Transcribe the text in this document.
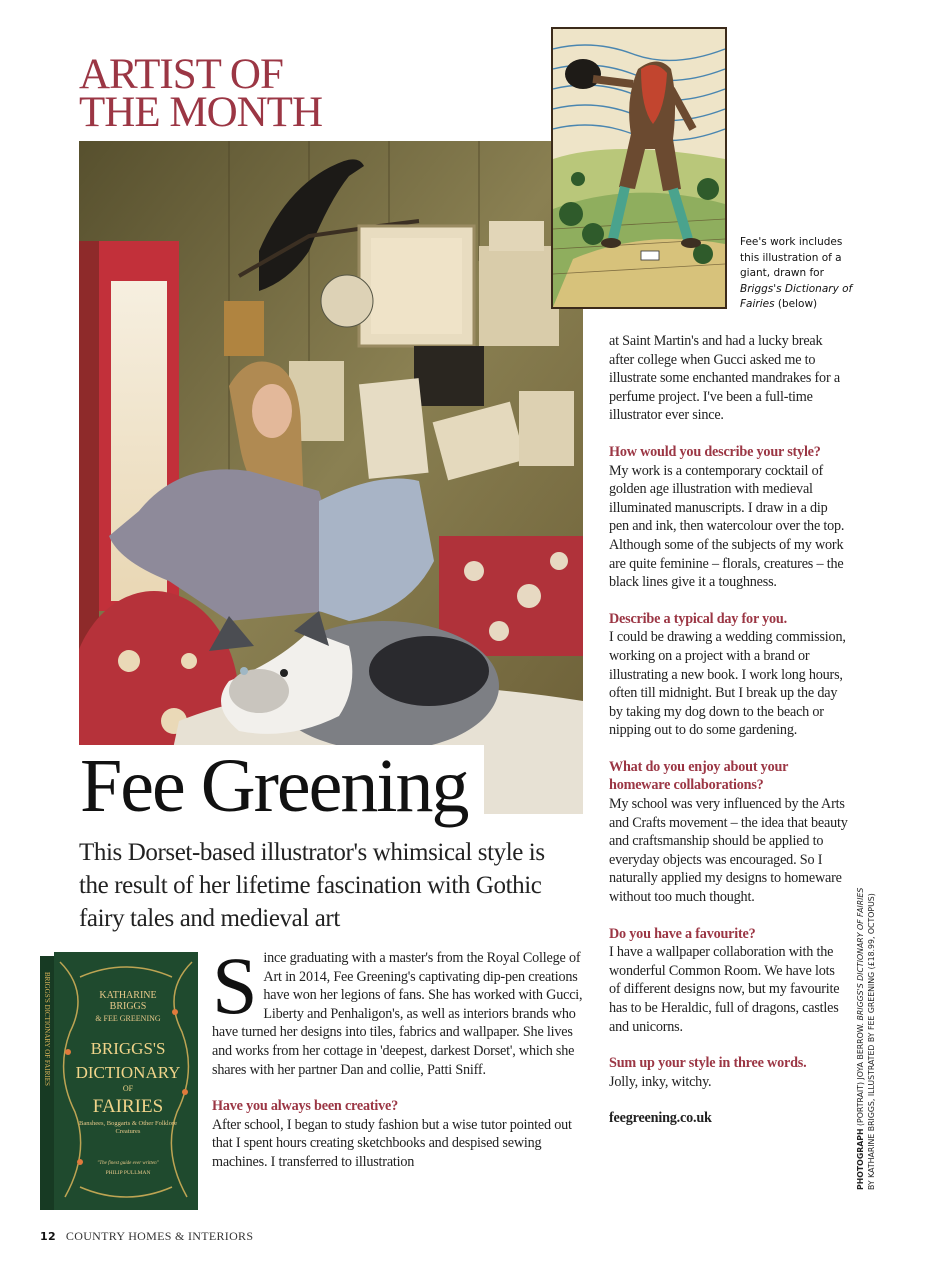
ARTIST OF
THE MONTH
Fee Greening

This Dorset-based illustrator's whimsical style is the result of her lifetime fascination with Gothic fairy tales and medieval art

Fee's work includes this illustration of a giant, drawn for Briggs's Dictionary of Fairies (below)

KATHARINE
BRIGGS
& FEE GREENING
BRIGGS'S
DICTIONARY
OF
FAIRIES
Banshees, Boggarts & Other Folklore Creatures
"The finest guide ever written"
PHILIP PULLMAN
BRIGGS'S DICTIONARY OF FAIRIES S ince graduating with a master's from the Royal College of Art in 2014, Fee Greening's captivating dip-pen creations have won her legions of fans. She has worked with Gucci, Liberty and Penhaligon's, as well as interiors brands who have turned her designs into tiles, fabrics and wallpaper. She lives and works from her cottage in 'deepest, darkest Dorset', which she shares with her partner Dan and collie, Patti Sniff.

Have you always been creative?

After school, I began to study fashion but a wise tutor pointed out that I spent hours creating sketchbooks and despised sewing machines. I transferred to illustration

at Saint Martin's and had a lucky break after college when Gucci asked me to illustrate some enchanted mandrakes for a perfume project. I've been a full-time illustrator ever since.

How would you describe your style?
My work is a contemporary cocktail of golden age illustration with medieval illuminated manuscripts. I draw in a dip pen and ink, then watercolour over the top. Although some of the subjects of my work are quite feminine – florals, creatures – the black lines give it a toughness.

Describe a typical day for you.
I could be drawing a wedding commission, working on a project with a brand or illustrating a new book. I work long hours, often till midnight. But I break up the day by taking my dog down to the beach or nipping out to do some gardening.

What do you enjoy about your homeware collaborations?
My school was very influenced by the Arts and Crafts movement – the idea that beauty and craftsmanship should be applied to everyday objects was encouraged. So I naturally applied my designs to homeware without too much thought.

Do you have a favourite?
I have a wallpaper collaboration with the wonderful Common Room. We have lots of different designs now, but my favourite has to be Heraldic, full of dragons, castles and unicorns.

Sum up your style in three words.
Jolly, inky, witchy.

feegreening.co.uk

PHOTOGRAPH (PORTRAIT) JOYA BERROW. BRIGGS'S DICTIONARY OF FAIRIES BY KATHARINE BRIGGS, ILLUSTRATED BY FEE GREENING (£18.99, OCTOPUS)
12 COUNTRY HOMES & INTERIORS
